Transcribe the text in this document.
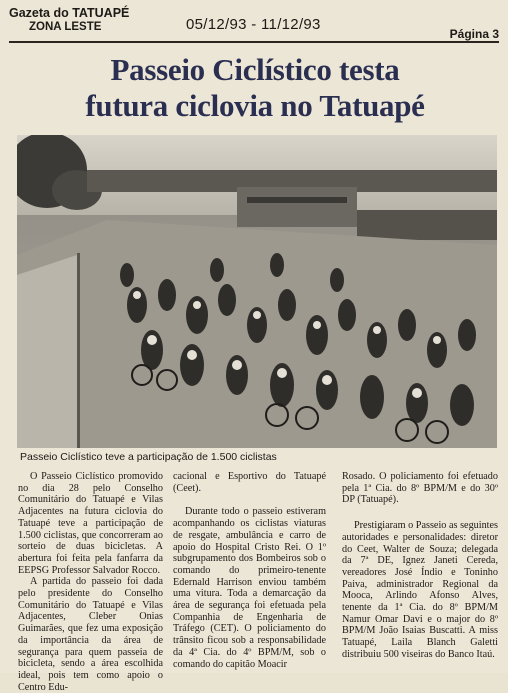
Gazeta do TATUAPÉ
ZONA LESTE	05/12/93 - 11/12/93
Página 3
Passeio Ciclístico testa
futura ciclovia no Tatuapé
Passeio Ciclístico teve a participação de 1.500 ciclistas

O Passeio Ciclístico promovido no dia 28 pelo Conselho Comunitário do Tatuapé e Vilas Adjacentes na futura ciclovia do Tatuapé teve a participação de 1.500 ciclistas, que concorreram ao sorteio de duas bicicletas. A abertura foi feita pela fanfarra da EEPSG Professor Salvador Rocco.

A partida do passeio foi dada pelo presidente do Conselho Comunitário do Tatuapé e Vilas Adjacentes, Cleber Onias Guimarães, que fez uma exposição da importância da área de segurança para quem passeia de bicicleta, sendo a área escolhida ideal, pois tem como apoio o Centro Edu-

cacional e Esportivo do Tatuapé (Ceet).

Durante todo o passeio estiveram acompanhando os ciclistas viaturas de resgate, ambulância e carro de apoio do Hospital Cristo Rei. O 1º subgrupamento dos Bombeiros sob o comando do primeiro-tenente Edernald Harrison enviou também uma vitura. Toda a demarcação da área de segurança foi efetuada pela Companhia de Engenharia de Tráfego (CET). O policiamento do trânsito ficou sob a responsabilidade da 4ª Cia. do 4º BPM/M, sob o comando do capitão Moacir

Rosado. O policiamento foi efetuado pela 1ª Cia. do 8º BPM/M e do 30º DP (Tatuapé).

Prestigiaram o Passeio as seguintes autoridades e personalidades: diretor do Ceet, Walter de Souza; delegada da 7ª DE, Ignez Janeti Cereda, vereadores José Índio e Toninho Paiva, administrador Regional da Mooca, Arlindo Afonso Alves, tenente da 1ª Cia. do 8º BPM/M Namur Omar Davi e o major do 8º BPM/M João Isaias Buscatti. A miss Tatuapé, Laila Blanch Galetti distribuiu 500 viseiras do Banco Itaú.
